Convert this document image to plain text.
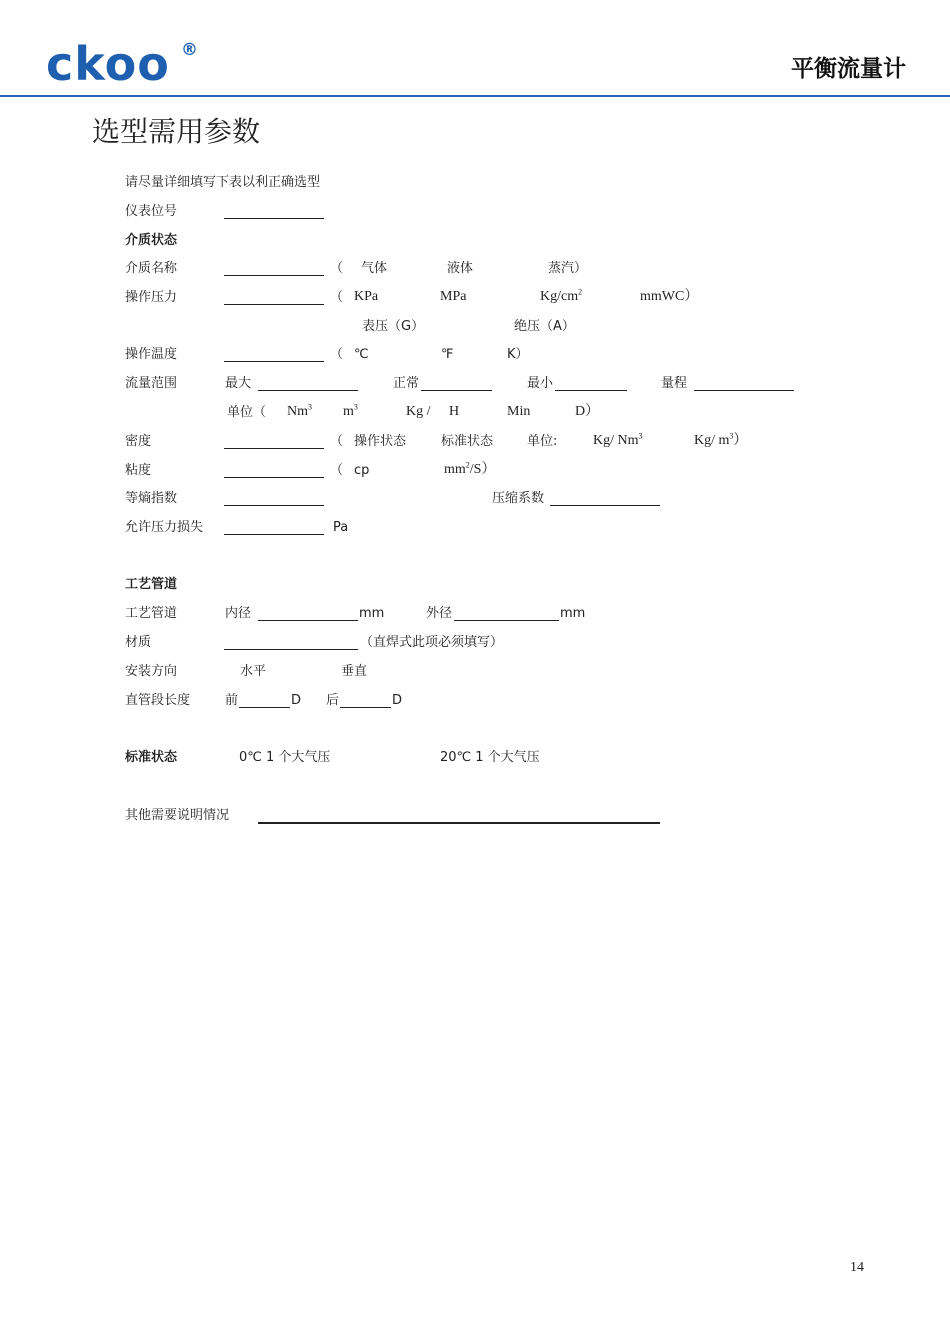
ckoo ®
平衡流量计
选型需用参数
请尽量详细填写下表以利正确选型
仪表位号
介质状态
介质名称	（ 气体	液体	蒸汽）
操作压力	（ KPa	MPa	$Kg/cm^2$	mmWC）
表压（G）	绝压（A）
操作温度	（ ℃	℉	K）
流量范围	最大	正常	最小	量程
单位（ Nm$^3$ $m^3$	Kg / H	Min	D）
密度	（ 操作状态	标准状态	单位:	Kg/ Nm$^3$	Kg/ $m^3$）
粘度	（ cp	$mm^2/S$）
等熵指数	压缩系数
允许压力损失	Pa
工艺管道
工艺管道	内径	mm	外径	mm
材质	（直焊式此项必须填写）
安装方向	水平	垂直
直管段长度	前	D 后	D
标准状态	0℃ 1 个大气压	20℃ 1 个大气压
其他需要说明情况
14
